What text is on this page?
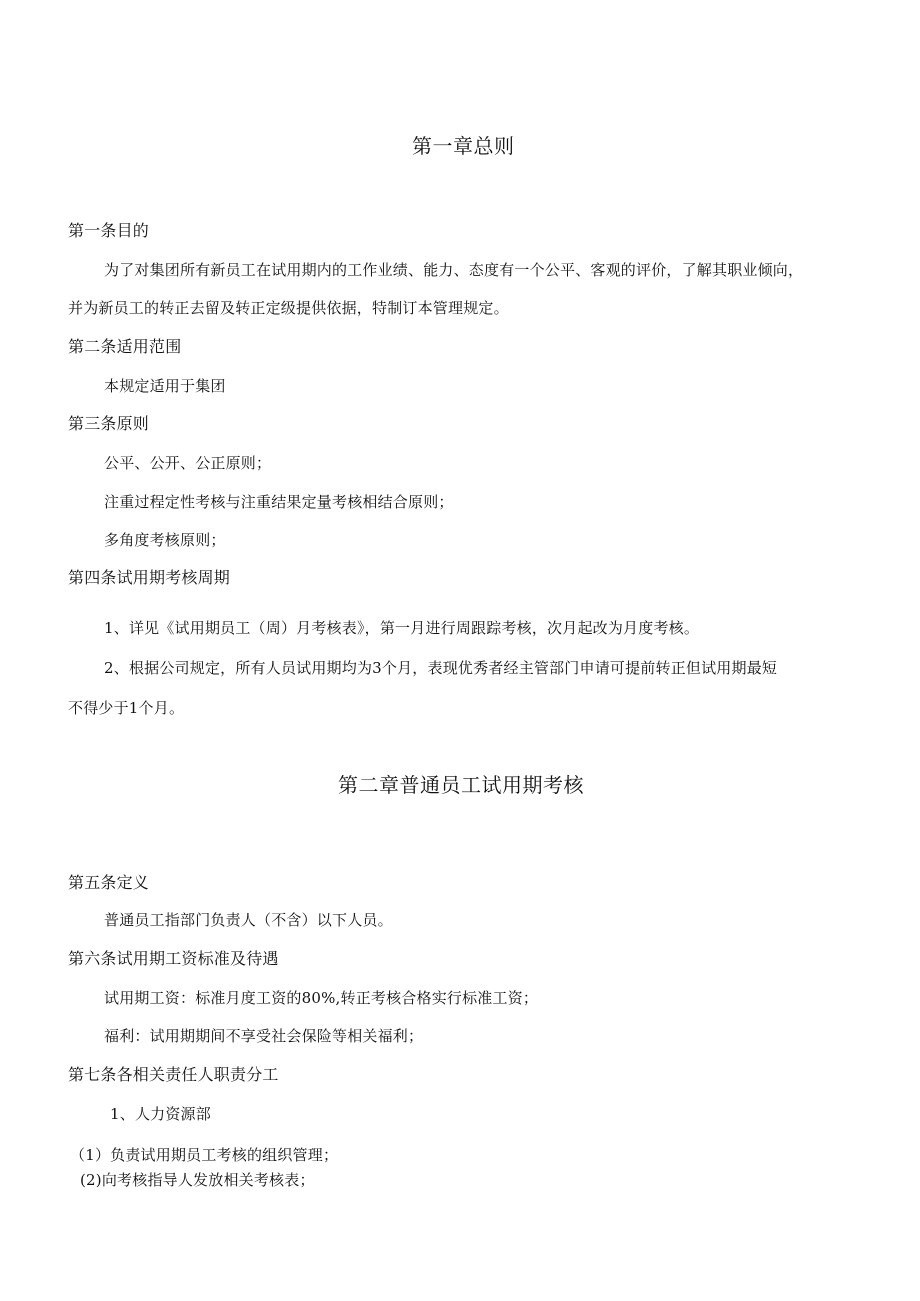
第一章总则
第一条目的
为了对集团所有新员工在试用期内的工作业绩、能力、态度有一个公平、客观的评价，了解其职业倾向，
并为新员工的转正去留及转正定级提供依据，特制订本管理规定。
第二条适用范围
本规定适用于集团
第三条原则
公平、公开、公正原则；
注重过程定性考核与注重结果定量考核相结合原则；
多角度考核原则；
第四条试用期考核周期
1、详见《试用期员工（周）月考核表》，第一月进行周跟踪考核，次月起改为月度考核。
2、根据公司规定，所有人员试用期均为3个月，表现优秀者经主管部门申请可提前转正但试用期最短
不得少于1个月。
第二章普通员工试用期考核
第五条定义
普通员工指部门负责人（不含）以下人员。
第六条试用期工资标准及待遇
试用期工资：标准月度工资的80%,转正考核合格实行标准工资；
福利：试用期期间不享受社会保险等相关福利；
第七条各相关责任人职责分工
1、人力资源部
（1）负责试用期员工考核的组织管理；
(2)向考核指导人发放相关考核表；
